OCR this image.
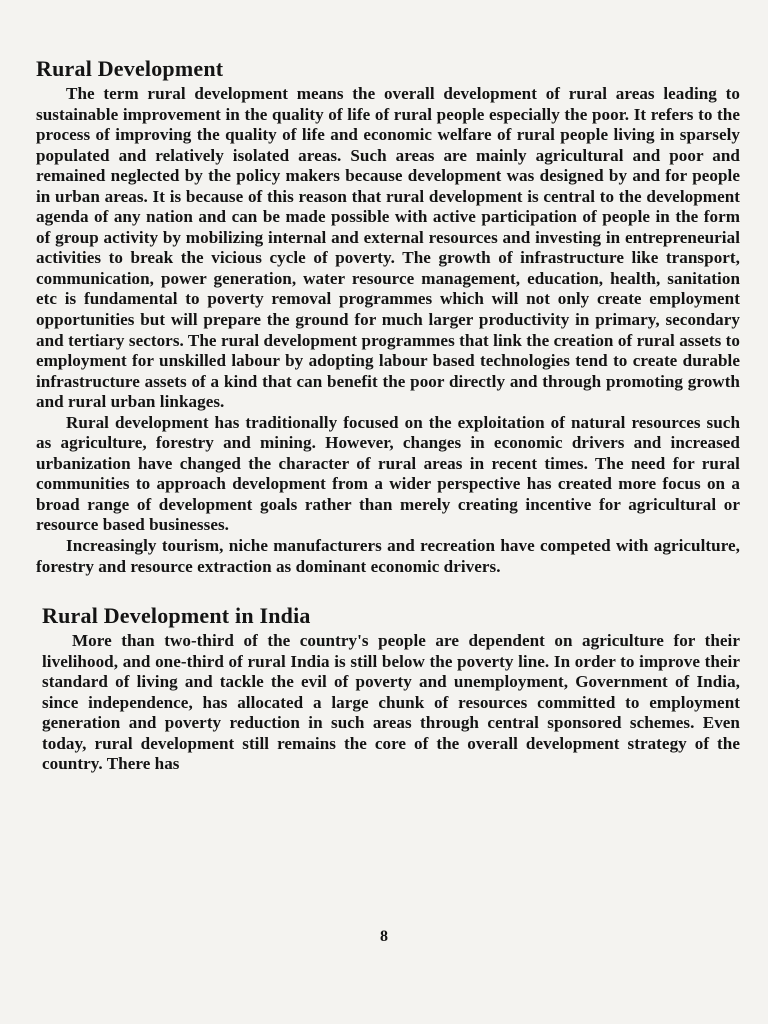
Rural Development

The term rural development means the overall development of rural areas leading to sustainable improvement in the quality of life of rural people especially the poor. It refers to the process of improving the quality of life and economic welfare of rural people living in sparsely populated and relatively isolated areas. Such areas are mainly agricultural and poor and remained neglected by the policy makers because development was designed by and for people in urban areas. It is because of this reason that rural development is central to the development agenda of any nation and can be made possible with active participation of people in the form of group activity by mobilizing internal and external resources and investing in entrepreneurial activities to break the vicious cycle of poverty. The growth of infrastructure like transport, communication, power generation, water resource management, education, health, sanitation etc is fundamental to poverty removal programmes which will not only create employment opportunities but will prepare the ground for much larger productivity in primary, secondary and tertiary sectors. The rural development programmes that link the creation of rural assets to employment for unskilled labour by adopting labour based technologies tend to create durable infrastructure assets of a kind that can benefit the poor directly and through promoting growth and rural urban linkages.

Rural development has traditionally focused on the exploitation of natural resources such as agriculture, forestry and mining. However, changes in economic drivers and increased urbanization have changed the character of rural areas in recent times. The need for rural communities to approach development from a wider perspective has created more focus on a broad range of development goals rather than merely creating incentive for agricultural or resource based businesses.

Increasingly tourism, niche manufacturers and recreation have competed with agriculture, forestry and resource extraction as dominant economic drivers.

Rural Development in India

More than two-third of the country's people are dependent on agriculture for their livelihood, and one-third of rural India is still below the poverty line. In order to improve their standard of living and tackle the evil of poverty and unemployment, Government of India, since independence, has allocated a large chunk of resources committed to employment generation and poverty reduction in such areas through central sponsored schemes. Even today, rural development still remains the core of the overall development strategy of the country. There has

8
